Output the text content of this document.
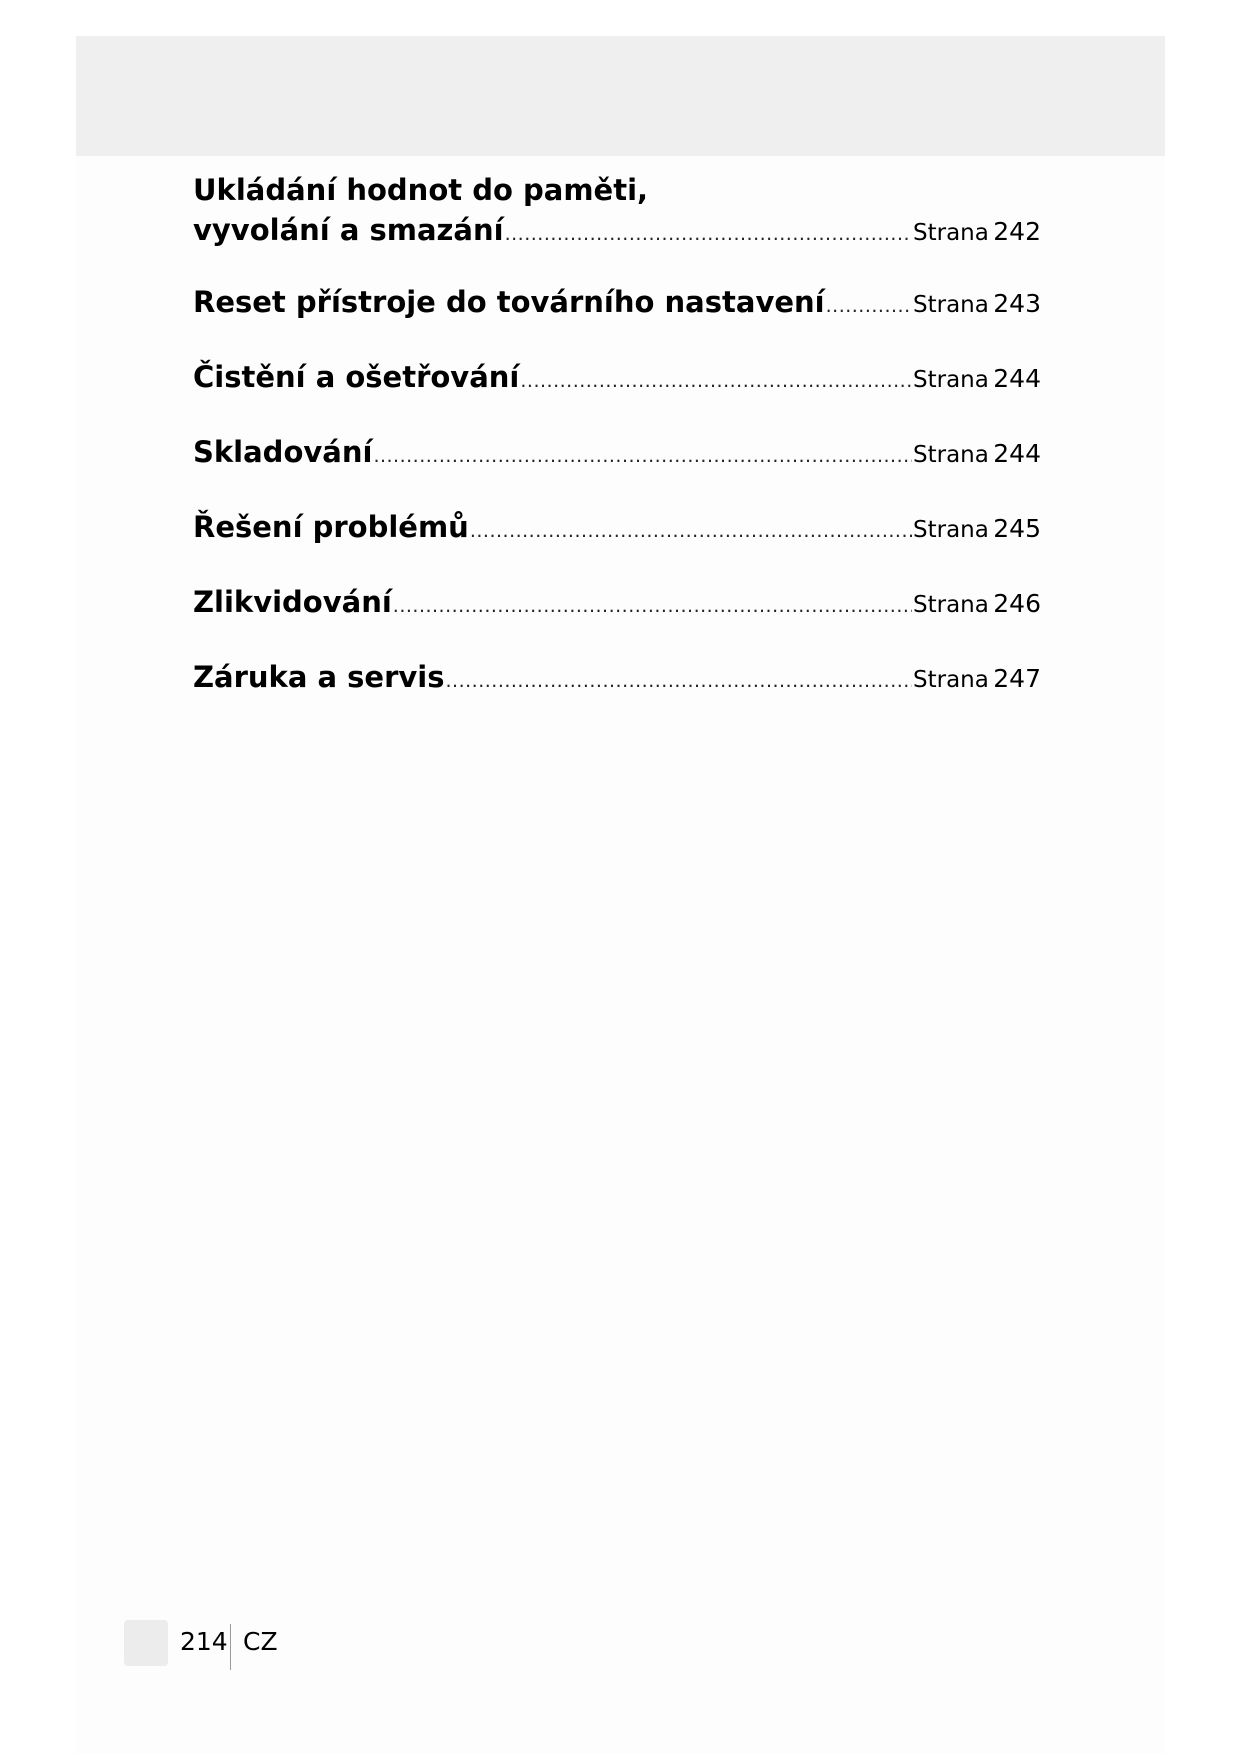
Ukládání hodnot do paměti,
vyvolání a smazání .....	Strana 242
Reset přístroje do továrního nastavení .....	Strana 243
Čistění a ošetřování .....	Strana 244
Skladování .....	Strana 244
Řešení problémů .....	Strana 245
Zlikvidování .....	Strana 246
Záruka a servis .....	Strana 247
214 CZ
